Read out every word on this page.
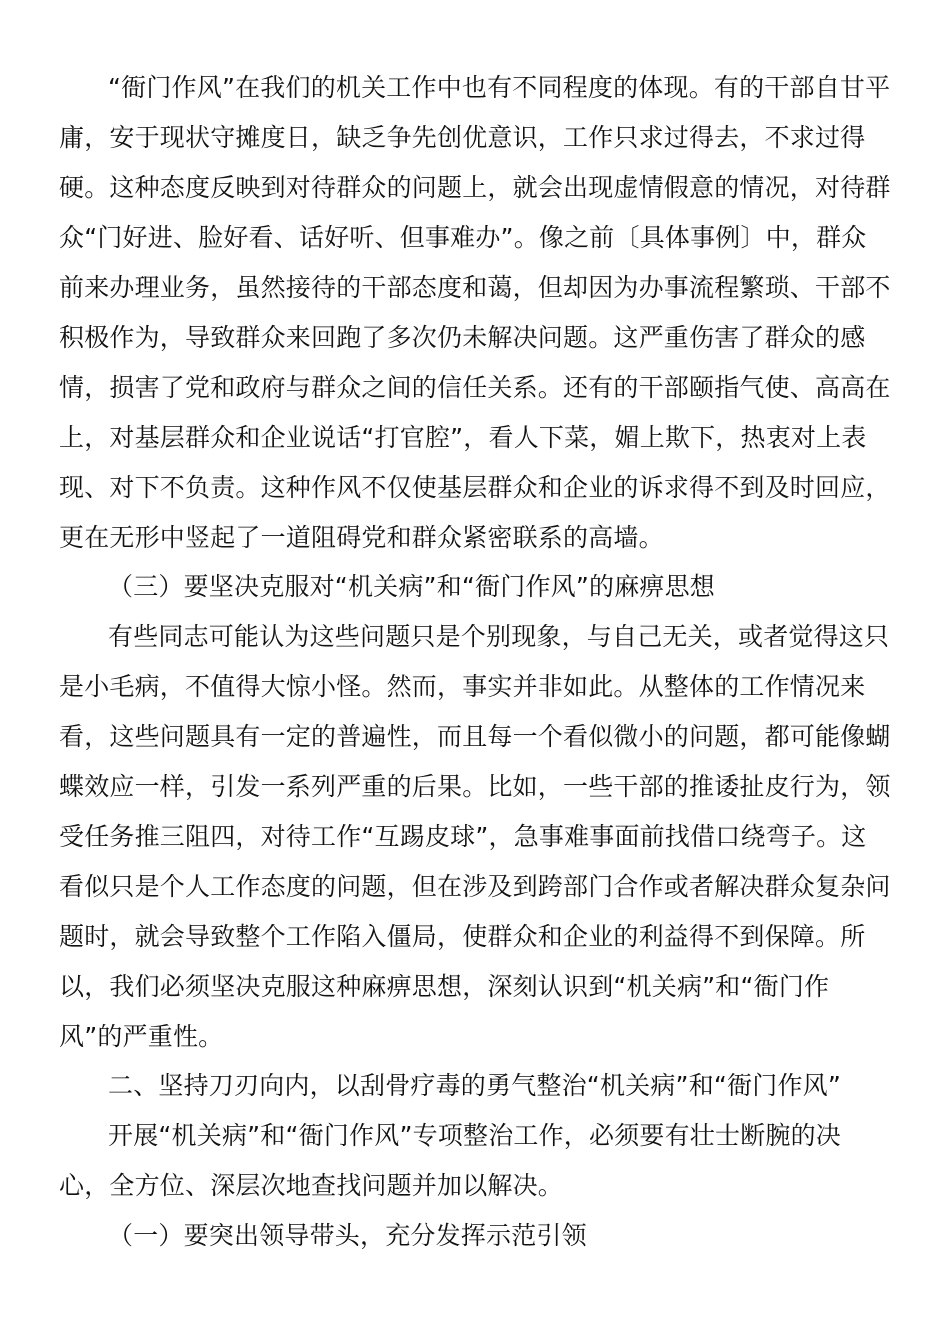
“衙门作风”在我们的机关工作中也有不同程度的体现。有的干部自甘平
庸，安于现状守摊度日，缺乏争先创优意识，工作只求过得去，不求过得
硬。这种态度反映到对待群众的问题上，就会出现虚情假意的情况，对待群
众“门好进、脸好看、话好听、但事难办”。像之前〔具体事例〕中，群众
前来办理业务，虽然接待的干部态度和蔼，但却因为办事流程繁琐、干部不
积极作为，导致群众来回跑了多次仍未解决问题。这严重伤害了群众的感
情，损害了党和政府与群众之间的信任关系。还有的干部颐指气使、高高在
上，对基层群众和企业说话“打官腔”，看人下菜，媚上欺下，热衷对上表
现、对下不负责。这种作风不仅使基层群众和企业的诉求得不到及时回应，
更在无形中竖起了一道阻碍党和群众紧密联系的高墙。
（三）要坚决克服对“机关病”和“衙门作风”的麻痹思想
有些同志可能认为这些问题只是个别现象，与自己无关，或者觉得这只
是小毛病，不值得大惊小怪。然而，事实并非如此。从整体的工作情况来
看，这些问题具有一定的普遍性，而且每一个看似微小的问题，都可能像蝴
蝶效应一样，引发一系列严重的后果。比如，一些干部的推诿扯皮行为，领
受任务推三阻四，对待工作“互踢皮球”，急事难事面前找借口绕弯子。这
看似只是个人工作态度的问题，但在涉及到跨部门合作或者解决群众复杂问
题时，就会导致整个工作陷入僵局，使群众和企业的利益得不到保障。所
以，我们必须坚决克服这种麻痹思想，深刻认识到“机关病”和“衙门作
风”的严重性。
二、坚持刀刃向内，以刮骨疗毒的勇气整治“机关病”和“衙门作风”
开展“机关病”和“衙门作风”专项整治工作，必须要有壮士断腕的决
心，全方位、深层次地查找问题并加以解决。
（一）要突出领导带头，充分发挥示范引领
